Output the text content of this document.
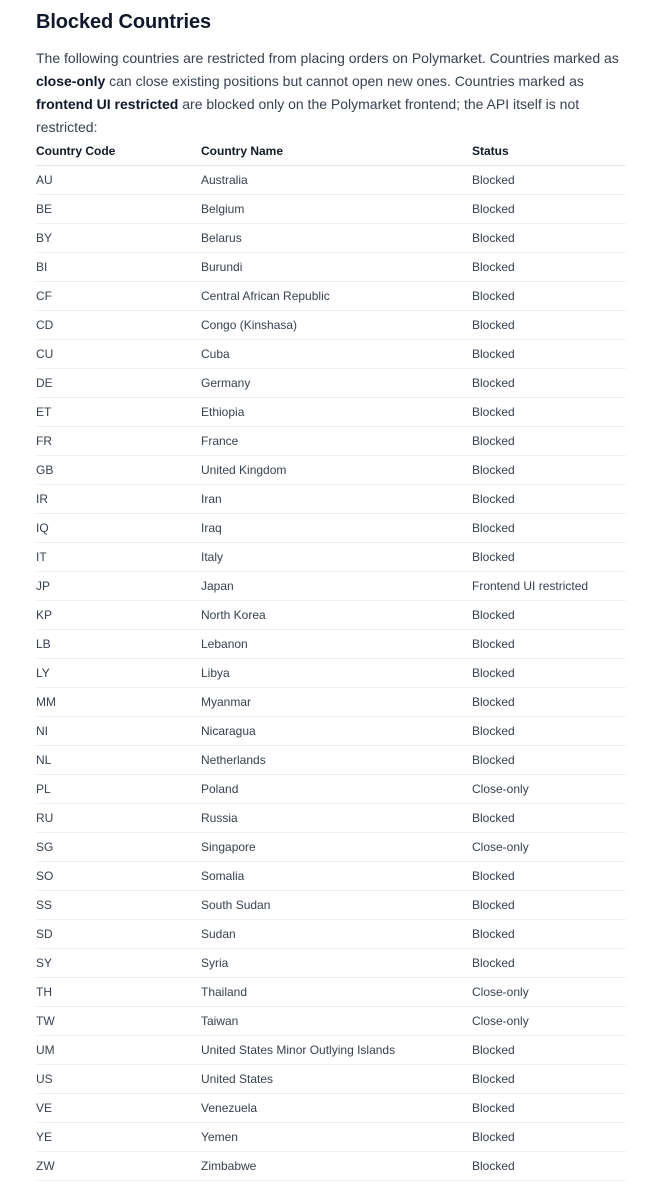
Blocked Countries

The following countries are restricted from placing orders on Polymarket. Countries marked as close-only can close existing positions but cannot open new ones. Countries marked as frontend UI restricted are blocked only on the Polymarket frontend; the API itself is not restricted:

Country Code	Country Name	Status
AU	Australia	Blocked
BE	Belgium	Blocked
BY	Belarus	Blocked
BI	Burundi	Blocked
CF	Central African Republic	Blocked
CD	Congo (Kinshasa)	Blocked
CU	Cuba	Blocked
DE	Germany	Blocked
ET	Ethiopia	Blocked
FR	France	Blocked
GB	United Kingdom	Blocked
IR	Iran	Blocked
IQ	Iraq	Blocked
IT	Italy	Blocked
JP	Japan	Frontend UI restricted
KP	North Korea	Blocked
LB	Lebanon	Blocked
LY	Libya	Blocked
MM	Myanmar	Blocked
NI	Nicaragua	Blocked
NL	Netherlands	Blocked
PL	Poland	Close-only
RU	Russia	Blocked
SG	Singapore	Close-only
SO	Somalia	Blocked
SS	South Sudan	Blocked
SD	Sudan	Blocked
SY	Syria	Blocked
TH	Thailand	Close-only
TW	Taiwan	Close-only
UM	United States Minor Outlying Islands	Blocked
US	United States	Blocked
VE	Venezuela	Blocked
YE	Yemen	Blocked
ZW	Zimbabwe	Blocked
